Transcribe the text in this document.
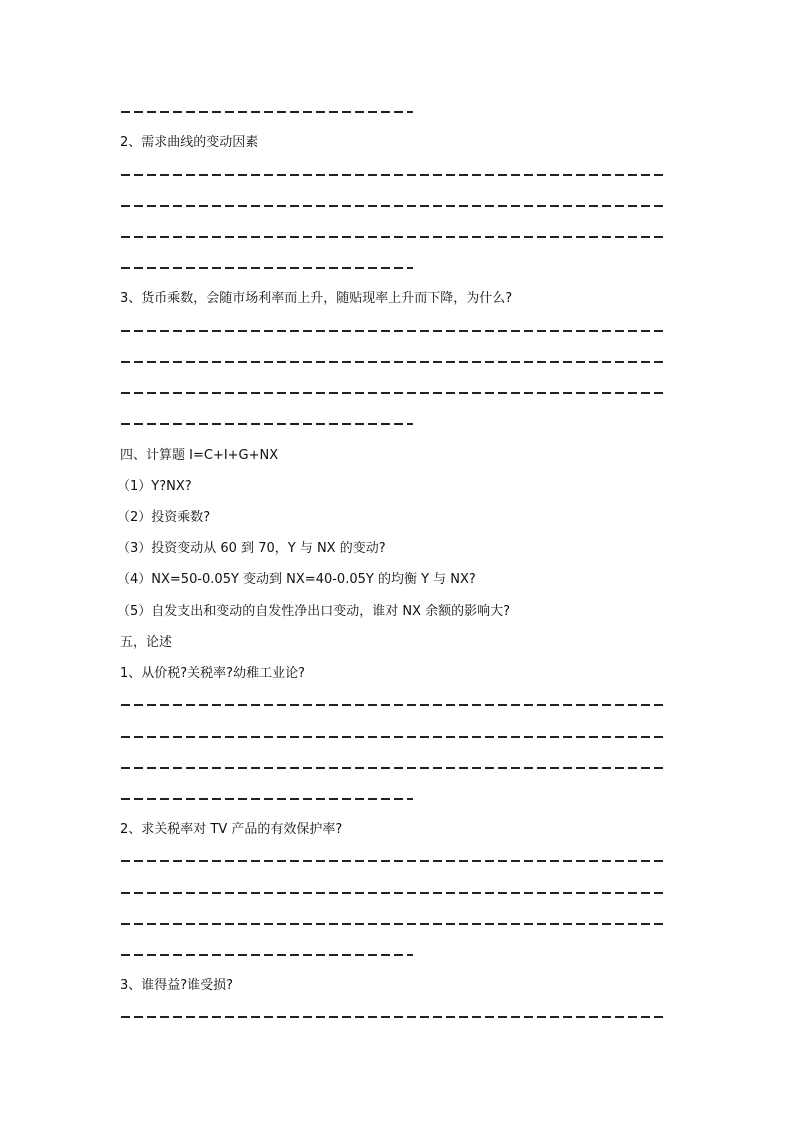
2、需求曲线的变动因素
3、货币乘数，会随市场利率而上升，随贴现率上升而下降，为什么?
四、计算题 I=C+I+G+NX
（1）Y?NX?
（2）投资乘数?
（3）投资变动从 60 到 70，Y 与 NX 的变动?
（4）NX=50-0.05Y 变动到 NX=40-0.05Y 的均衡 Y 与 NX?
（5）自发支出和变动的自发性净出口变动，谁对 NX 余额的影响大?
五，论述
1、从价税?关税率?幼稚工业论?
2、求关税率对 TV 产品的有效保护率?
3、谁得益?谁受损?
